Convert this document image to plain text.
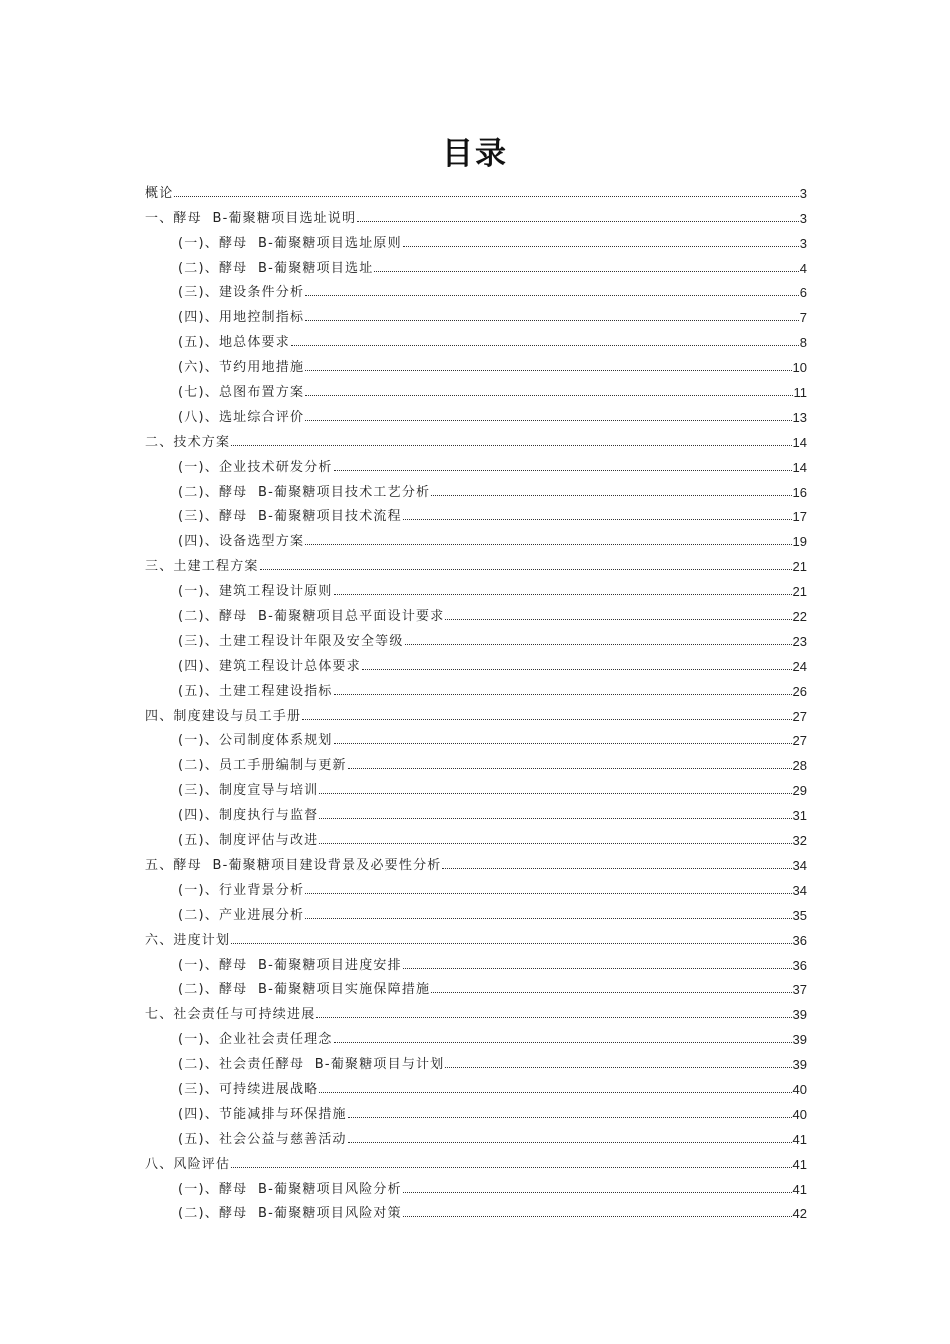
目录
概论	3
一、酵母  B-葡聚糖项目选址说明	3
(一)、酵母  B-葡聚糖项目选址原则	3
(二)、酵母  B-葡聚糖项目选址	4
(三)、建设条件分析	6
(四)、用地控制指标	7
(五)、地总体要求	8
(六)、节约用地措施	10
(七)、总图布置方案	11
(八)、选址综合评价	13
二、技术方案	14
(一)、企业技术研发分析	14
(二)、酵母  B-葡聚糖项目技术工艺分析	16
(三)、酵母  B-葡聚糖项目技术流程	17
(四)、设备选型方案	19
三、土建工程方案	21
(一)、建筑工程设计原则	21
(二)、酵母  B-葡聚糖项目总平面设计要求	22
(三)、土建工程设计年限及安全等级	23
(四)、建筑工程设计总体要求	24
(五)、土建工程建设指标	26
四、制度建设与员工手册	27
(一)、公司制度体系规划	27
(二)、员工手册编制与更新	28
(三)、制度宣导与培训	29
(四)、制度执行与监督	31
(五)、制度评估与改进	32
五、酵母  B-葡聚糖项目建设背景及必要性分析	34
(一)、行业背景分析	34
(二)、产业进展分析	35
六、进度计划	36
(一)、酵母  B-葡聚糖项目进度安排	36
(二)、酵母  B-葡聚糖项目实施保障措施	37
七、社会责任与可持续进展	39
(一)、企业社会责任理念	39
(二)、社会责任酵母  B-葡聚糖项目与计划	39
(三)、可持续进展战略	40
(四)、节能减排与环保措施	40
(五)、社会公益与慈善活动	41
八、风险评估	41
(一)、酵母  B-葡聚糖项目风险分析	41
(二)、酵母  B-葡聚糖项目风险对策	42
